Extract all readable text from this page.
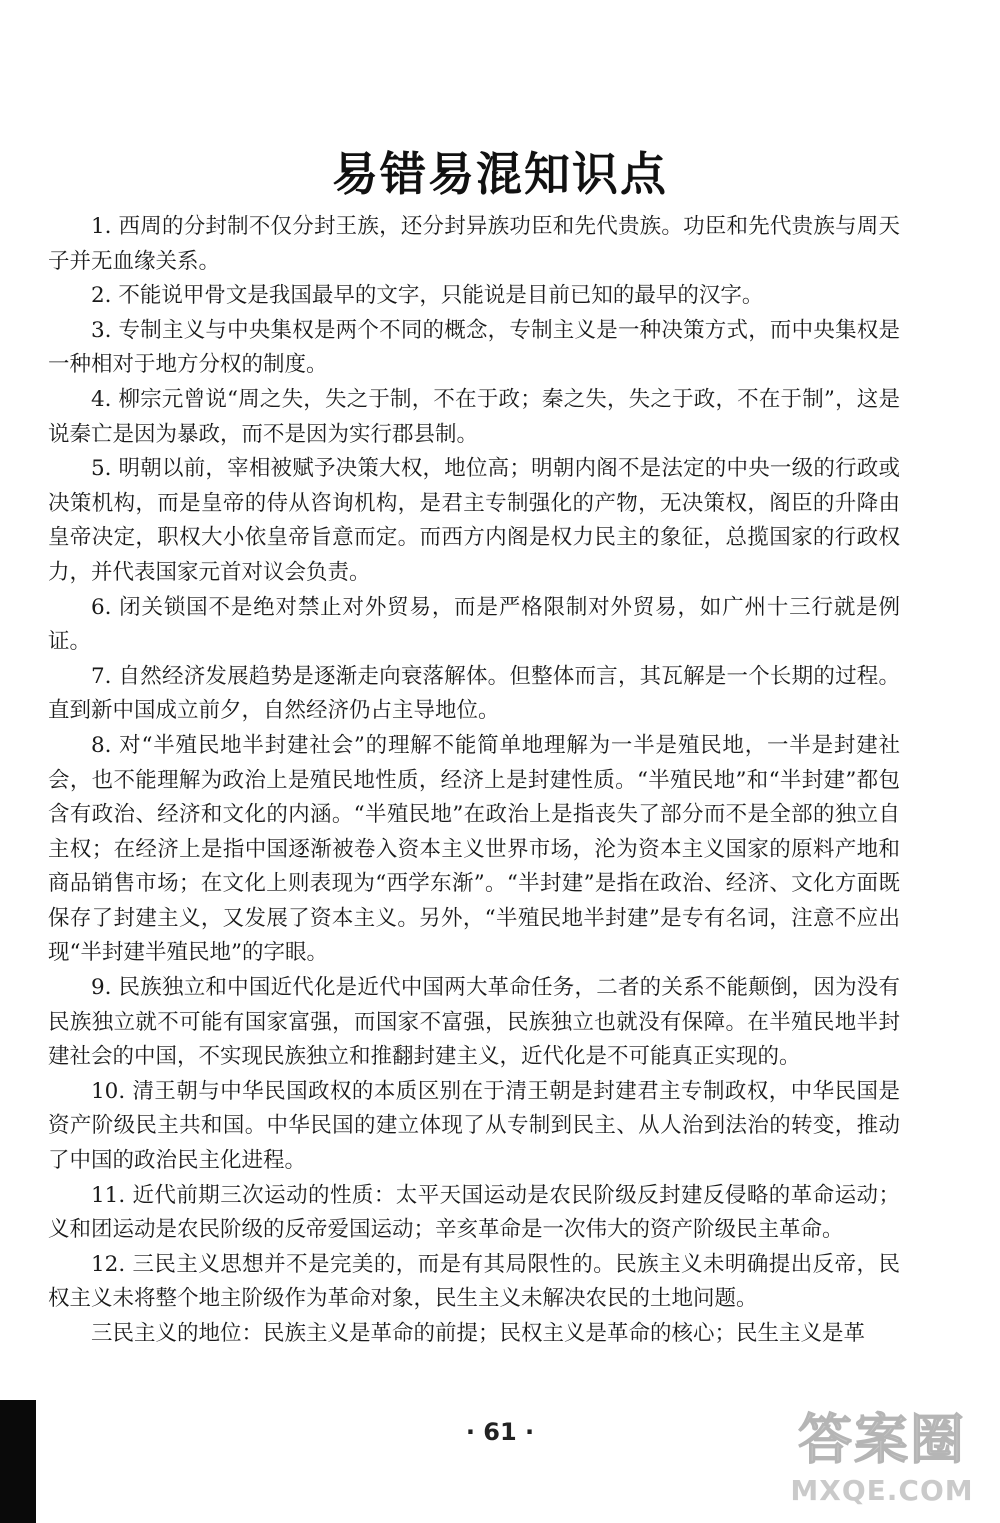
易错易混知识点

1. 西周的分封制不仅分封王族，还分封异族功臣和先代贵族。功臣和先代贵族与周天子并无血缘关系。

2. 不能说甲骨文是我国最早的文字，只能说是目前已知的最早的汉字。

3. 专制主义与中央集权是两个不同的概念，专制主义是一种决策方式，而中央集权是一种相对于地方分权的制度。

4. 柳宗元曾说“周之失，失之于制，不在于政；秦之失，失之于政，不在于制”，这是说秦亡是因为暴政，而不是因为实行郡县制。

5. 明朝以前，宰相被赋予决策大权，地位高；明朝内阁不是法定的中央一级的行政或决策机构，而是皇帝的侍从咨询机构，是君主专制强化的产物，无决策权，阁臣的升降由皇帝决定，职权大小依皇帝旨意而定。而西方内阁是权力民主的象征，总揽国家的行政权力，并代表国家元首对议会负责。

6. 闭关锁国不是绝对禁止对外贸易，而是严格限制对外贸易，如广州十三行就是例证。

7. 自然经济发展趋势是逐渐走向衰落解体。但整体而言，其瓦解是一个长期的过程。直到新中国成立前夕，自然经济仍占主导地位。

8. 对“半殖民地半封建社会”的理解不能简单地理解为一半是殖民地，一半是封建社会，也不能理解为政治上是殖民地性质，经济上是封建性质。“半殖民地”和“半封建”都包含有政治、经济和文化的内涵。“半殖民地”在政治上是指丧失了部分而不是全部的独立自主权；在经济上是指中国逐渐被卷入资本主义世界市场，沦为资本主义国家的原料产地和商品销售市场；在文化上则表现为“西学东渐”。“半封建”是指在政治、经济、文化方面既保存了封建主义，又发展了资本主义。另外，“半殖民地半封建”是专有名词，注意不应出现“半封建半殖民地”的字眼。

9. 民族独立和中国近代化是近代中国两大革命任务，二者的关系不能颠倒，因为没有民族独立就不可能有国家富强，而国家不富强，民族独立也就没有保障。在半殖民地半封建社会的中国，不实现民族独立和推翻封建主义，近代化是不可能真正实现的。

10. 清王朝与中华民国政权的本质区别在于清王朝是封建君主专制政权，中华民国是资产阶级民主共和国。中华民国的建立体现了从专制到民主、从人治到法治的转变，推动了中国的政治民主化进程。

11. 近代前期三次运动的性质：太平天国运动是农民阶级反封建反侵略的革命运动；义和团运动是农民阶级的反帝爱国运动；辛亥革命是一次伟大的资产阶级民主革命。

12. 三民主义思想并不是完美的，而是有其局限性的。民族主义未明确提出反帝，民权主义未将整个地主阶级作为革命对象，民生主义未解决农民的土地问题。

三民主义的地位：民族主义是革命的前提；民权主义是革命的核心；民生主义是革

· 61 ·	答案圈
MXQE.COM
